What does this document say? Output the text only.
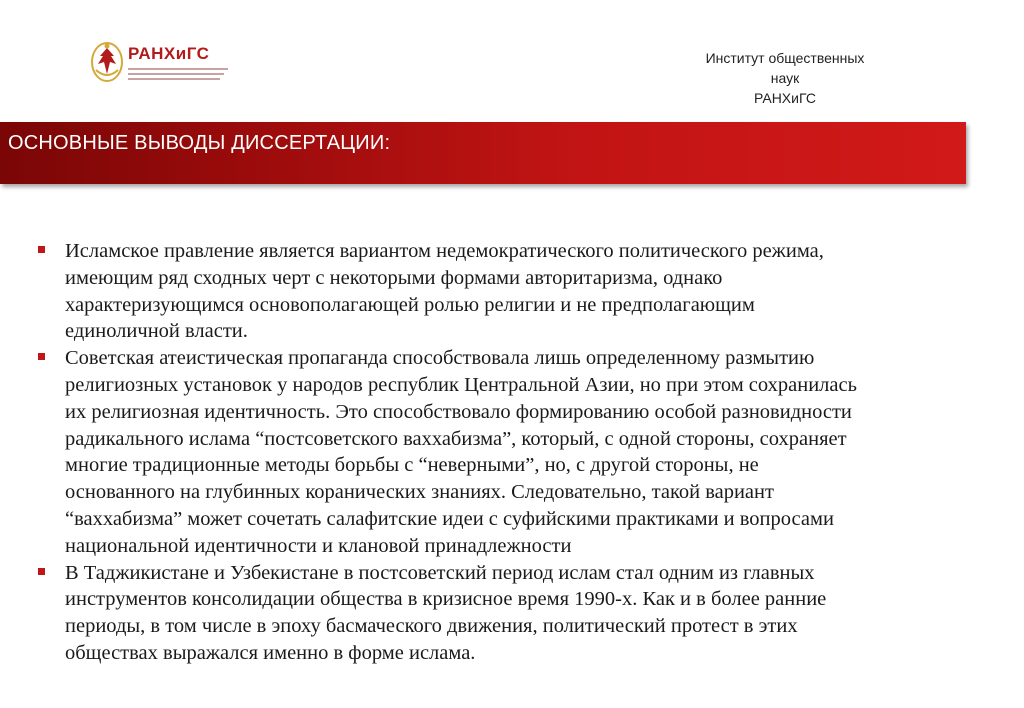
РАНХиГС	Институт общественных наук
РАНХиГС
ОСНОВНЫЕ ВЫВОДЫ ДИССЕРТАЦИИ:
Исламское правление является вариантом недемократического политического режима,
имеющим ряд сходных черт с некоторыми формами авторитаризма, однако
характеризующимся основополагающей ролью религии и не предполагающим
единоличной власти.
Советская атеистическая пропаганда способствовала лишь определенному размытию
религиозных установок у народов республик Центральной Азии, но при этом сохранилась
их религиозная идентичность. Это способствовало формированию особой разновидности
радикального ислама “постсоветского ваххабизма”, который, с одной стороны, сохраняет
многие традиционные методы борьбы с “неверными”, но, с другой стороны, не
основанного на глубинных коранических знаниях. Следовательно, такой вариант
“ваххабизма” может сочетать салафитские идеи с суфийскими практиками и вопросами
национальной идентичности и клановой принадлежности
В Таджикистане и Узбекистане в постсоветский период ислам стал одним из главных
инструментов консолидации общества в кризисное время 1990-х. Как и в более ранние
периоды, в том числе в эпоху басмаческого движения, политический протест в этих
обществах выражался именно в форме ислама.
